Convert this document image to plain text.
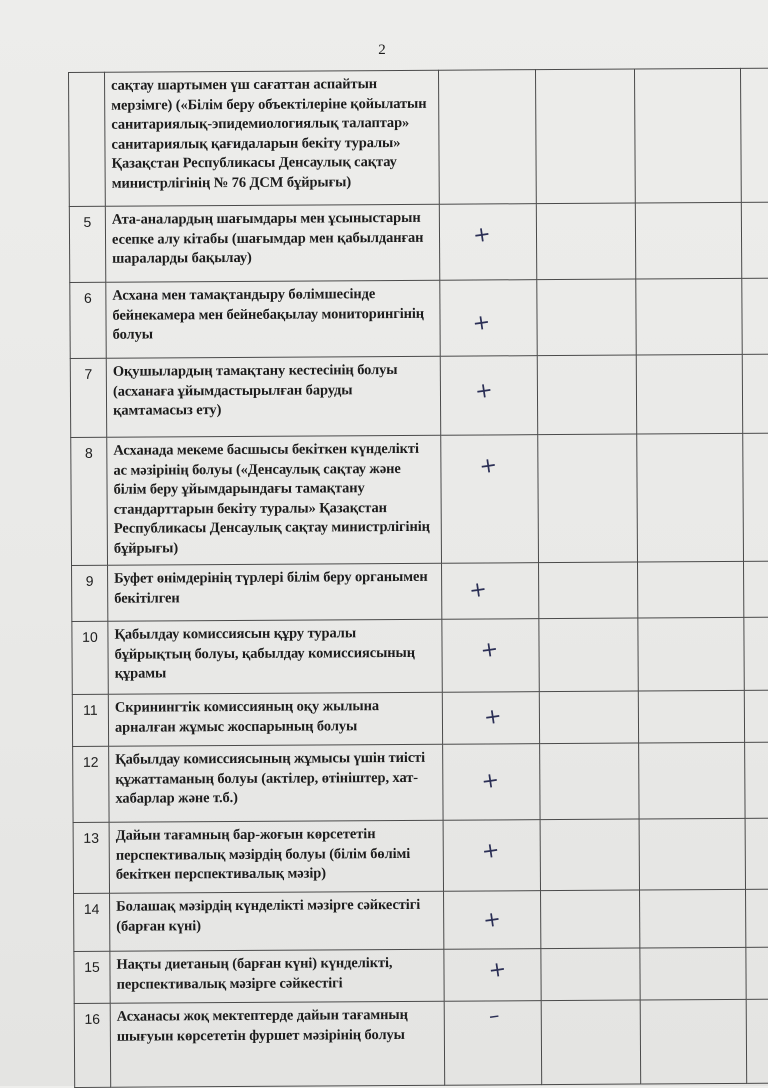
2
	сақтау шартымен үш сағаттан аспайтын мерзімге) («Білім беру объектілеріне қойылатын санитариялық-эпидемиологиялық талаптар» санитариялық қағидаларын бекіту туралы» Қазақстан Республикасы Денсаулық сақтау министрлігінің № 76 ДСМ бұйрығы)				
5	Ата-аналардың шағымдары мен ұсыныстарын есепке алу кітабы (шағымдар мен қабылданған шараларды бақылау)	+			

6	Асхана мен тамақтандыру бөлімшесінде бейнекамера мен бейнебақылау мониторингінің болуы	+			

7	Оқушылардың тамақтану кестесінің болуы (асханаға ұйымдастырылған баруды қамтамасыз ету)	+			

8	Асханада мекеме басшысы бекіткен күнделікті ас мәзірінің болуы («Денсаулық сақтау және білім беру ұйымдарындағы тамақтану стандарттарын бекіту туралы» Қазақстан Республикасы Денсаулық сақтау министрлігінің бұйрығы)	+			

9	Буфет өнімдерінің түрлері білім беру органымен бекітілген	+			

10	Қабылдау комиссиясын құру туралы бұйрықтың болуы, қабылдау комиссиясының құрамы	+			

11	Скринингтік комиссияның оқу жылына арналған жұмыс жоспарының болуы	+			

12	Қабылдау комиссиясының жұмысы үшін тиісті құжаттаманың болуы (актілер, өтініштер, хат-хабарлар және т.б.)	+			

13	Дайын тағамның бар-жоғын көрсететін перспективалық мәзірдің болуы (білім бөлімі бекіткен перспективалық мәзір)	+			

14	Болашақ мәзірдің күнделікті мәзірге сәйкестігі (барған күні)	+			

15	Нақты диетаның (барған күні) күнделікті, перспективалық мәзірге сәйкестігі	+			

16	Асханасы жоқ мектептерде дайын тағамның шығуын көрсететін фуршет мәзірінің болуы	–			
